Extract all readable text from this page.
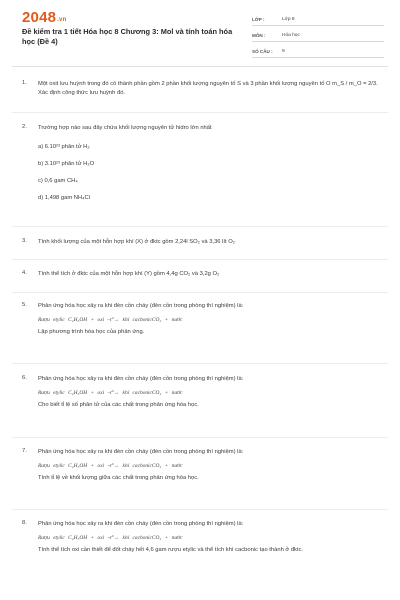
2048.vn
Đề kiểm tra 1 tiết Hóa học 8 Chương 3: Mol và tính toán hóa học (Đề 4)
LỚP :	Lớp 8
MÔN :	Hóa học
SỐ CÂU :	9
1.	Một oxit lưu huỳnh trong đó có thành phần gồm 2 phần khối lượng nguyên tố S và 3 phần khối lượng nguyên tố O m_S / m_O = 2/3. Xác định công thức lưu huỳnh đó.
2.	Trường hợp nào sau đây chứa khối lượng nguyên tử hidro lớn nhất
a) 6.10²³ phân tử H₂
b) 3.10²³ phân tử H₂O
c) 0,6 gam CH₄
d) 1,498 gam NH₄Cl
3.	Tính khối lượng của một hỗn hợp khí (X) ở đktc gồm 2,24l SO₂ và 3,36 lít O₂
4.	Tính thể tích ở đktc của một hỗn hợp khí (Y) gồm 4,4g CO₂ và 3,2g O₂
5.	Phản ứng hóa học xảy ra khi đèn cồn cháy (đèn cồn trong phòng thí nghiệm) là:
Rượu etylic C₂H₅OH + oxi –t°→ khí cacbonicCO₂ + nước
Lập phương trình hóa học của phản ứng.
6.	Phản ứng hóa học xảy ra khi đèn cồn cháy (đèn cồn trong phòng thí nghiệm) là:
Rượu etylic C₂H₅OH + oxi –t°→ khí cacbonicCO₂ + nước
Cho biết tỉ lệ số phân tử của các chất trong phản ứng hóa học.
7.	Phản ứng hóa học xảy ra khi đèn cồn cháy (đèn cồn trong phòng thí nghiệm) là:
Rượu etylic C₂H₅OH + oxi –t°→ khí cacbonicCO₂ + nước
Tính tỉ lệ về khối lượng giữa các chất trong phản ứng hóa học.
8.	Phản ứng hóa học xảy ra khi đèn cồn cháy (đèn cồn trong phòng thí nghiệm) là:
Rượu etylic C₂H₅OH + oxi –t°→ khí cacbonicCO₂ + nước
Tính thể tích oxi cần thiết để đốt cháy hết 4,6 gam rượu etylic và thể tích khí cacbonic tạo thành ở đktc.
